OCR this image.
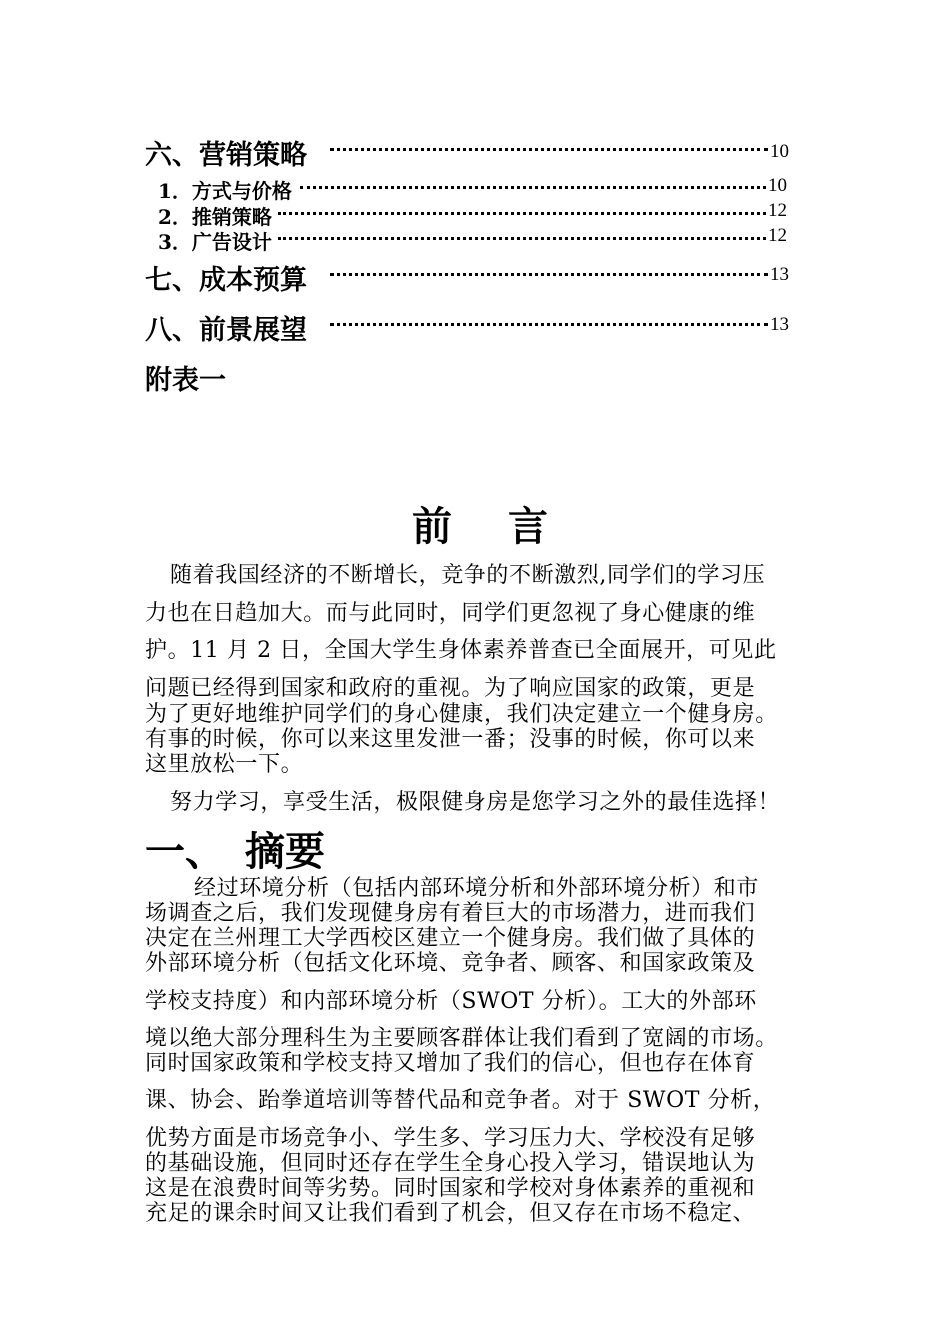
六、营销策略	10
1．方式与价格	10
2．推销策略	12
3．广告设计	12
七、成本预算	13
八、前景展望	13
附表一
前　言
随着我国经济的不断增长，竞争的不断激烈,同学们的学习压
力也在日趋加大。而与此同时，同学们更忽视了身心健康的维
护。11 月 2 日，全国大学生身体素养普查已全面展开，可见此
问题已经得到国家和政府的重视。为了响应国家的政策，更是
为了更好地维护同学们的身心健康，我们决定建立一个健身房。
有事的时候，你可以来这里发泄一番；没事的时候，你可以来
这里放松一下。
努力学习，享受生活，极限健身房是您学习之外的最佳选择！
一、　摘要
经过环境分析（包括内部环境分析和外部环境分析）和市
场调查之后，我们发现健身房有着巨大的市场潜力，进而我们
决定在兰州理工大学西校区建立一个健身房。我们做了具体的
外部环境分析（包括文化环境、竞争者、顾客、和国家政策及
学校支持度）和内部环境分析（SWOT 分析）。工大的外部环
境以绝大部分理科生为主要顾客群体让我们看到了宽阔的市场。
同时国家政策和学校支持又增加了我们的信心，但也存在体育
课、协会、跆拳道培训等替代品和竞争者。对于 SWOT 分析，
优势方面是市场竞争小、学生多、学习压力大、学校没有足够
的基础设施，但同时还存在学生全身心投入学习，错误地认为
这是在浪费时间等劣势。同时国家和学校对身体素养的重视和
充足的课余时间又让我们看到了机会，但又存在市场不稳定、
